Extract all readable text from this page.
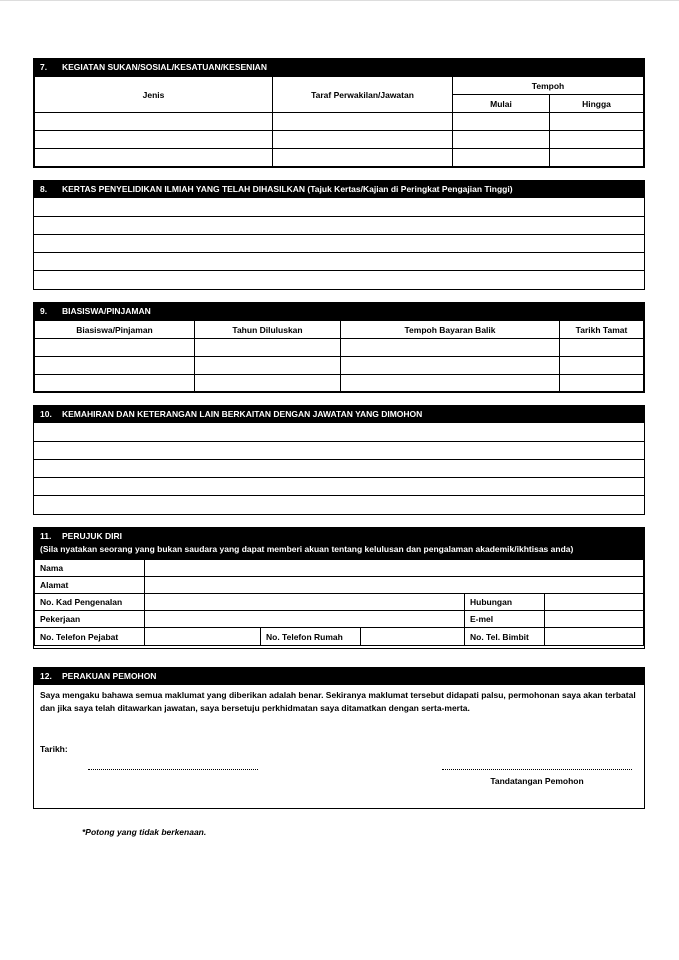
7. KEGIATAN SUKAN/SOSIAL/KESATUAN/KESENIAN
Jenis	Taraf Perwakilan/Jawatan	Tempoh	
		Mulai	Hingga

8. KERTAS PENYELIDIKAN ILMIAH YANG TELAH DIHASILKAN (Tajuk Kertas/Kajian di Peringkat Pengajian Tinggi)
9. BIASISWA/PINJAMAN
Biasiswa/Pinjaman	Tahun Diluluskan	Tempoh Bayaran Balik	Tarikh Tamat

10. KEMAHIRAN DAN KETERANGAN LAIN BERKAITAN DENGAN JAWATAN YANG DIMOHON
11. PERUJUK DIRI
(Sila nyatakan seorang yang bukan saudara yang dapat memberi akuan tentang kelulusan dan pengalaman akademik/ikhtisas anda)
Nama					
Alamat					
No. Kad Pengenalan				Hubungan	
Pekerjaan				E-mel	
No. Telefon Pejabat		No. Telefon Rumah		No. Tel. Bimbit	
12. PERAKUAN PEMOHON
Saya mengaku bahawa semua maklumat yang diberikan adalah benar. Sekiranya maklumat tersebut didapati palsu, permohonan saya akan terbatal dan jika saya telah ditawarkan jawatan, saya bersetuju perkhidmatan saya ditamatkan dengan serta-merta.
Tarikh:
Tandatangan Pemohon
*Potong yang tidak berkenaan.
